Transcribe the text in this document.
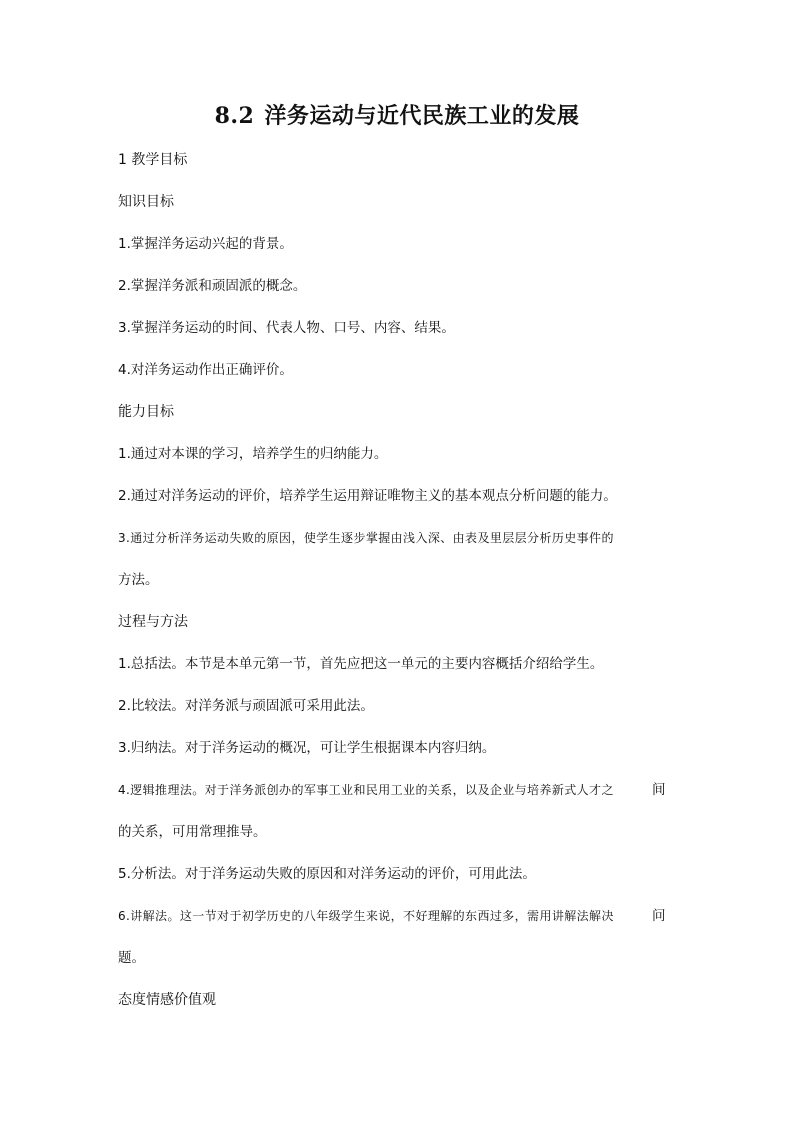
8.2 洋务运动与近代民族工业的发展
1 教学目标
知识目标
1.掌握洋务运动兴起的背景。
2.掌握洋务派和顽固派的概念。
3.掌握洋务运动的时间、代表人物、口号、内容、结果。
4.对洋务运动作出正确评价。
能力目标
1.通过对本课的学习，培养学生的归纳能力。
2.通过对洋务运动的评价，培养学生运用辩证唯物主义的基本观点分析问题的能力。
3.通过分析洋务运动失败的原因，使学生逐步掌握由浅入深、由表及里层层分析历史事件的
方法。
过程与方法
1.总括法。本节是本单元第一节，首先应把这一单元的主要内容概括介绍给学生。
2.比较法。对洋务派与顽固派可采用此法。
3.归纳法。对于洋务运动的概况，可让学生根据课本内容归纳。
4.逻辑推理法。对于洋务派创办的军事工业和民用工业的关系，以及企业与培养新式人才之	间
的关系，可用常理推导。
5.分析法。对于洋务运动失败的原因和对洋务运动的评价，可用此法。
6.讲解法。这一节对于初学历史的八年级学生来说，不好理解的东西过多，需用讲解法解决	问
题。
态度情感价值观
